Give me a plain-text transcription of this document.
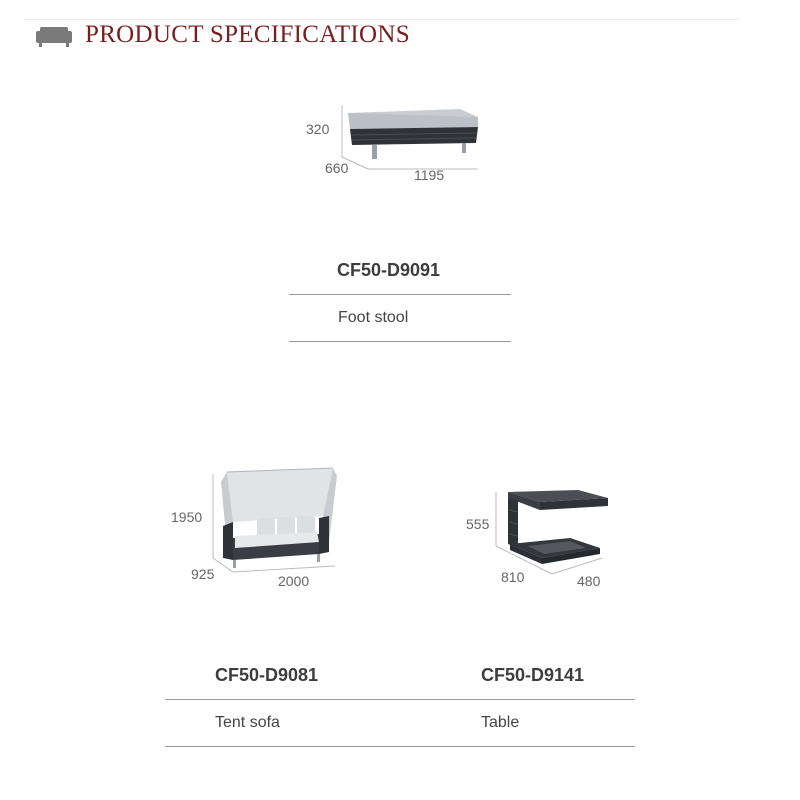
PRODUCT SPECIFICATIONS
320
660	1195
CF50-D9091
Foot stool
1950
925	2000
CF50-D9081
Tent sofa
555
810	480
CF50-D9141
Table
